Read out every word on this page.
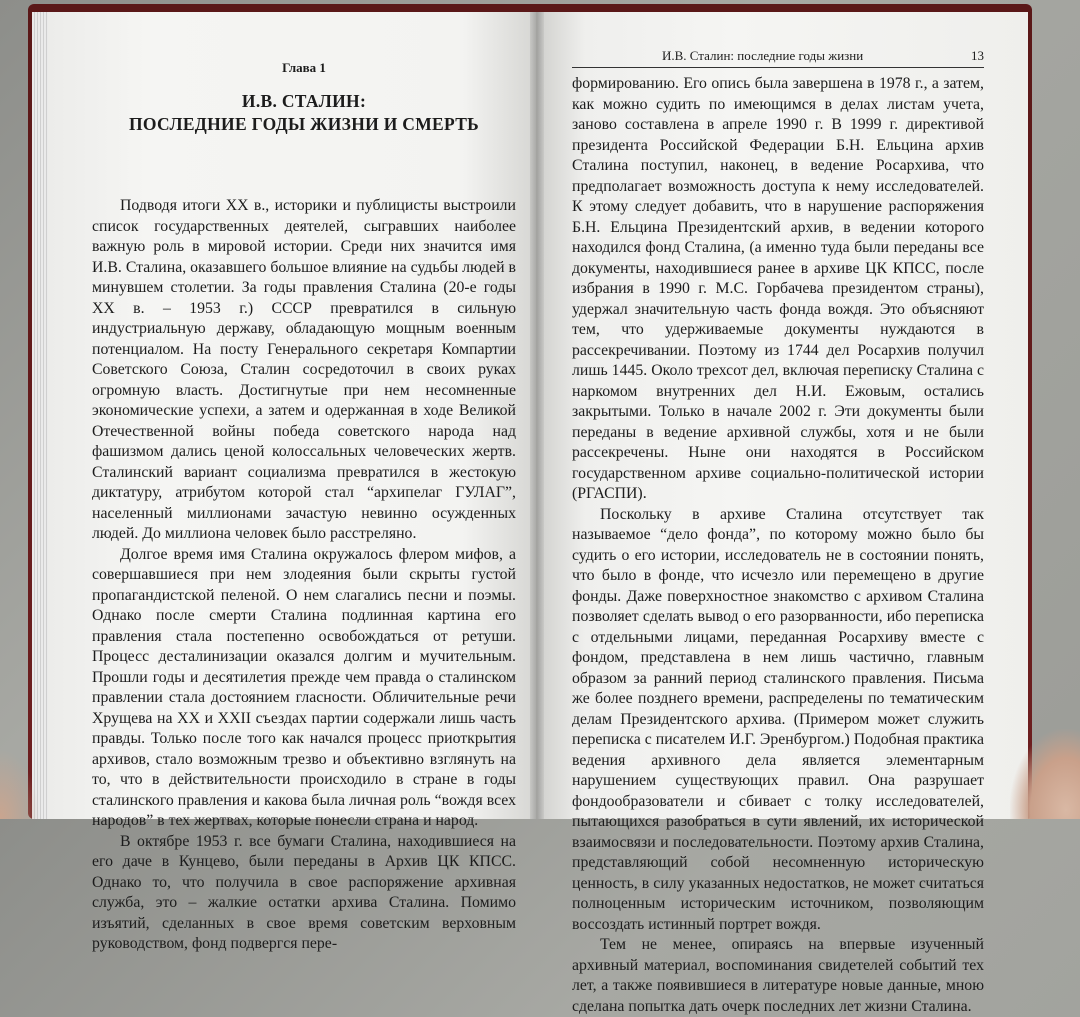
Глава 1
И.В. СТАЛИН:
ПОСЛЕДНИЕ ГОДЫ ЖИЗНИ И СМЕРТЬ

Подводя итоги XX в., историки и публицисты выстроили список государственных деятелей, сыгравших наиболее важную роль в мировой истории. Среди них значится имя И.В. Сталина, оказавшего большое влияние на судьбы людей в минувшем столетии. За годы правления Сталина (20-е годы XX в. – 1953 г.) СССР превратился в сильную индустриальную державу, обладающую мощным военным потенциалом. На посту Генерального секретаря Компартии Советского Союза, Сталин сосредоточил в своих руках огромную власть. Достигнутые при нем несомненные экономические успехи, а затем и одержанная в ходе Великой Отечественной войны победа советского народа над фашизмом дались ценой колоссальных человеческих жертв. Сталинский вариант социализма превратился в жестокую диктатуру, атрибутом которой стал “архипелаг ГУЛАГ”, населенный миллионами зачастую невинно осужденных людей. До миллиона человек было расстреляно.

Долгое время имя Сталина окружалось флером мифов, а совершавшиеся при нем злодеяния были скрыты густой пропагандистской пеленой. О нем слагались песни и поэмы. Однако после смерти Сталина подлинная картина его правления стала постепенно освобождаться от ретуши. Процесс десталинизации оказался долгим и мучительным. Прошли годы и десятилетия прежде чем правда о сталинском правлении стала достоянием гласности. Обличительные речи Хрущева на XX и XXII съездах партии содержали лишь часть правды. Только после того как начался процесс приоткрытия архивов, стало возможным трезво и объективно взглянуть на то, что в действительности происходило в стране в годы сталинского правления и какова была личная роль “вождя всех народов” в тех жертвах, которые понесли страна и народ.

В октябре 1953 г. все бумаги Сталина, находившиеся на его даче в Кунцево, были переданы в Архив ЦК КПСС. Однако то, что получила в свое распоряжение архивная служба, это – жалкие остатки архива Сталина. Помимо изъятий, сделанных в свое время советским верховным руководством, фонд подвергся пере-

И.В. Сталин: последние годы жизни	13

формированию. Его опись была завершена в 1978 г., а затем, как можно судить по имеющимся в делах листам учета, заново составлена в апреле 1990 г. В 1999 г. директивой президента Российской Федерации Б.Н. Ельцина архив Сталина поступил, наконец, в ведение Росархива, что предполагает возможность доступа к нему исследователей. К этому следует добавить, что в нарушение распоряжения Б.Н. Ельцина Президентский архив, в ведении которого находился фонд Сталина, (а именно туда были переданы все документы, находившиеся ранее в архиве ЦК КПСС, после избрания в 1990 г. М.С. Горбачева президентом страны), удержал значительную часть фонда вождя. Это объясняют тем, что удерживаемые документы нуждаются в рассекречивании. Поэтому из 1744 дел Росархив получил лишь 1445. Около трехсот дел, включая переписку Сталина с наркомом внутренних дел Н.И. Ежовым, остались закрытыми. Только в начале 2002 г. Эти документы были переданы в ведение архивной службы, хотя и не были рассекречены. Ныне они находятся в Российском государственном архиве социально-политической истории (РГАСПИ).

Поскольку в архиве Сталина отсутствует так называемое “дело фонда”, по которому можно было бы судить о его истории, исследователь не в состоянии понять, что было в фонде, что исчезло или перемещено в другие фонды. Даже поверхностное знакомство с архивом Сталина позволяет сделать вывод о его разорванности, ибо переписка с отдельными лицами, переданная Росархиву вместе с фондом, представлена в нем лишь частично, главным образом за ранний период сталинского правления. Письма же более позднего времени, распределены по тематическим делам Президентского архива. (Примером может служить переписка с писателем И.Г. Эренбургом.) Подобная практика ведения архивного дела является элементарным нарушением существующих правил. Она разрушает фондообразователи и сбивает с толку исследователей, пытающихся разобраться в сути явлений, их исторической взаимосвязи и последовательности. Поэтому архив Сталина, представляющий собой несомненную историческую ценность, в силу указанных недостатков, не может считаться полноценным историческим источником, позволяющим воссоздать истинный портрет вождя.

Тем не менее, опираясь на впервые изученный архивный материал, воспоминания свидетелей событий тех лет, а также появившиеся в литературе новые данные, мною сделана попытка дать очерк последних лет жизни Сталина.
